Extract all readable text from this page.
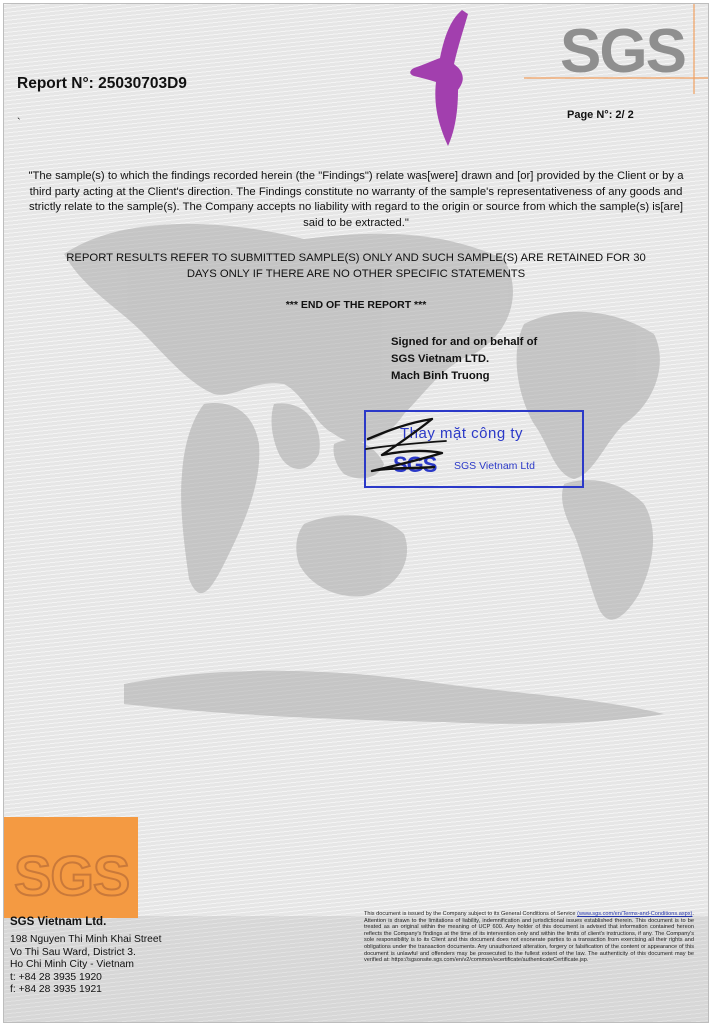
Report N°: 25030703D9
`
Page N°: 2/ 2
SGS
"The sample(s) to which the findings recorded herein (the "Findings") relate was[were] drawn and [or] provided by the Client or by a third party acting at the Client's direction. The Findings constitute no warranty of the sample's representativeness of any goods and strictly relate to the sample(s). The Company accepts no liability with regard to the origin or source from which the sample(s) is[are] said to be extracted."
REPORT RESULTS REFER TO SUBMITTED SAMPLE(S) ONLY AND SUCH SAMPLE(S) ARE RETAINED FOR 30
DAYS ONLY IF THERE ARE NO OTHER SPECIFIC STATEMENTS
*** END OF THE REPORT ***
Signed for and on behalf of
SGS Vietnam LTD.
Mach Binh Truong
Thay mặt công ty
SGS SGS Vietnam Ltd
SGS
SGS Vietnam Ltd.
198 Nguyen Thi Minh Khai Street
Vo Thi Sau Ward, District 3.
Ho Chi Minh City - Vietnam
t: +84 28 3935 1920
f: +84 28 3935 1921
This document is issued by the Company subject to its General Conditions of Service (www.sgs.com/en/Terms-and-Conditions.aspx). Attention is drawn to the limitations of liability, indemnification and jurisdictional issues established therein. This document is to be treated as an original within the meaning of UCP 600. Any holder of this document is advised that information contained hereon reflects the Company's findings at the time of its intervention only and within the limits of client's instructions, if any. The Company's sole responsibility is to its Client and this document does not exonerate parties to a transaction from exercising all their rights and obligations under the transaction documents. Any unauthorized alteration, forgery or falsification of the content or appearance of this document is unlawful and offenders may be prosecuted to the fullest extent of the law. The authenticity of this document may be verified at: https://sgsonsite.sgs.com/en/v2/common/ecertificate/authenticateCertificate.jsp.
